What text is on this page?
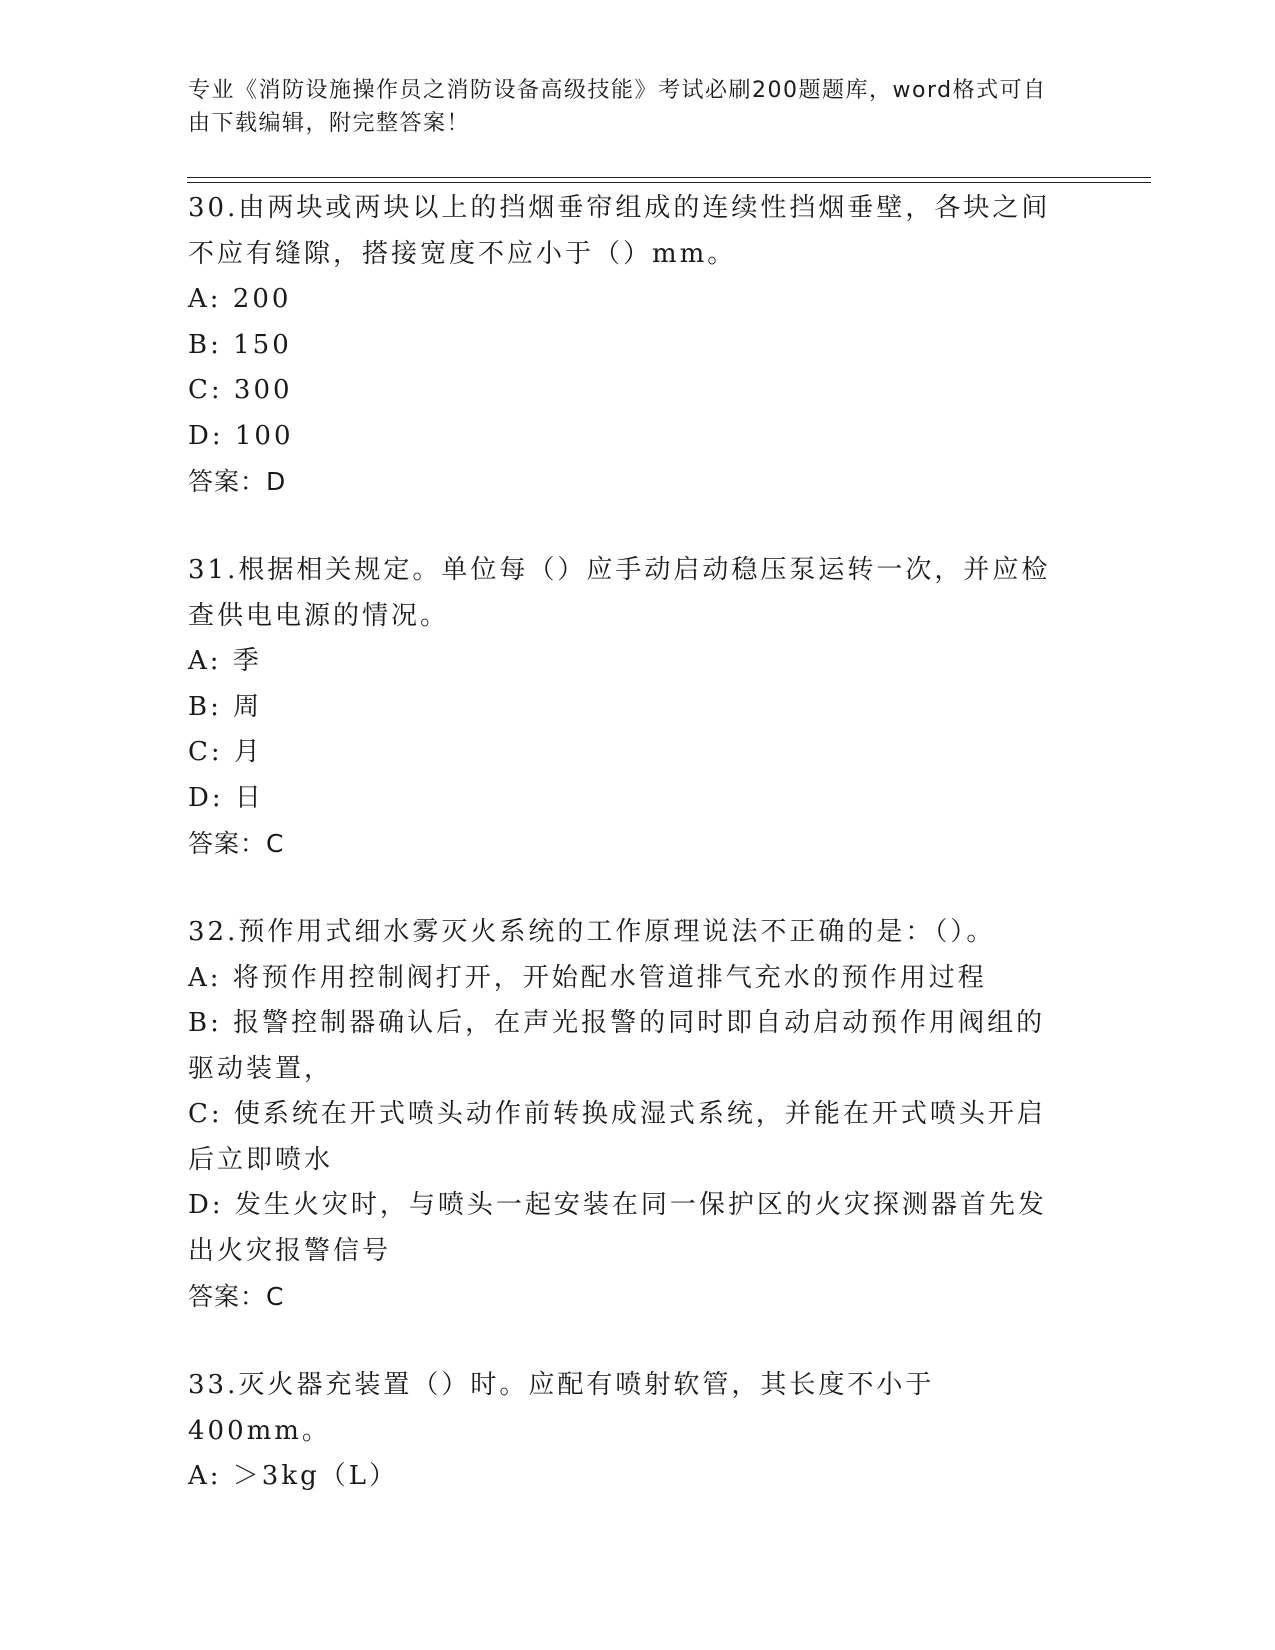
专业《消防设施操作员之消防设备高级技能》考试必刷200题题库，word格式可自由下载编辑，附完整答案！

30.由两块或两块以上的挡烟垂帘组成的连续性挡烟垂壁，各块之间不应有缝隙，搭接宽度不应小于（）mm。

A: 200

B: 150

C: 300

D: 100

答案：D

31.根据相关规定。单位每（）应手动启动稳压泵运转一次，并应检查供电电源的情况。

A: 季

B: 周

C: 月

D: 日

答案：C

32.预作用式细水雾灭火系统的工作原理说法不正确的是：（）。

A: 将预作用控制阀打开，开始配水管道排气充水的预作用过程

B: 报警控制器确认后，在声光报警的同时即自动启动预作用阀组的驱动装置，

C: 使系统在开式喷头动作前转换成湿式系统，并能在开式喷头开启后立即喷水

D: 发生火灾时，与喷头一起安装在同一保护区的火灾探测器首先发出火灾报警信号

答案：C

33.灭火器充装置（）时。应配有喷射软管，其长度不小于400mm。

A: ＞3kg（L）
